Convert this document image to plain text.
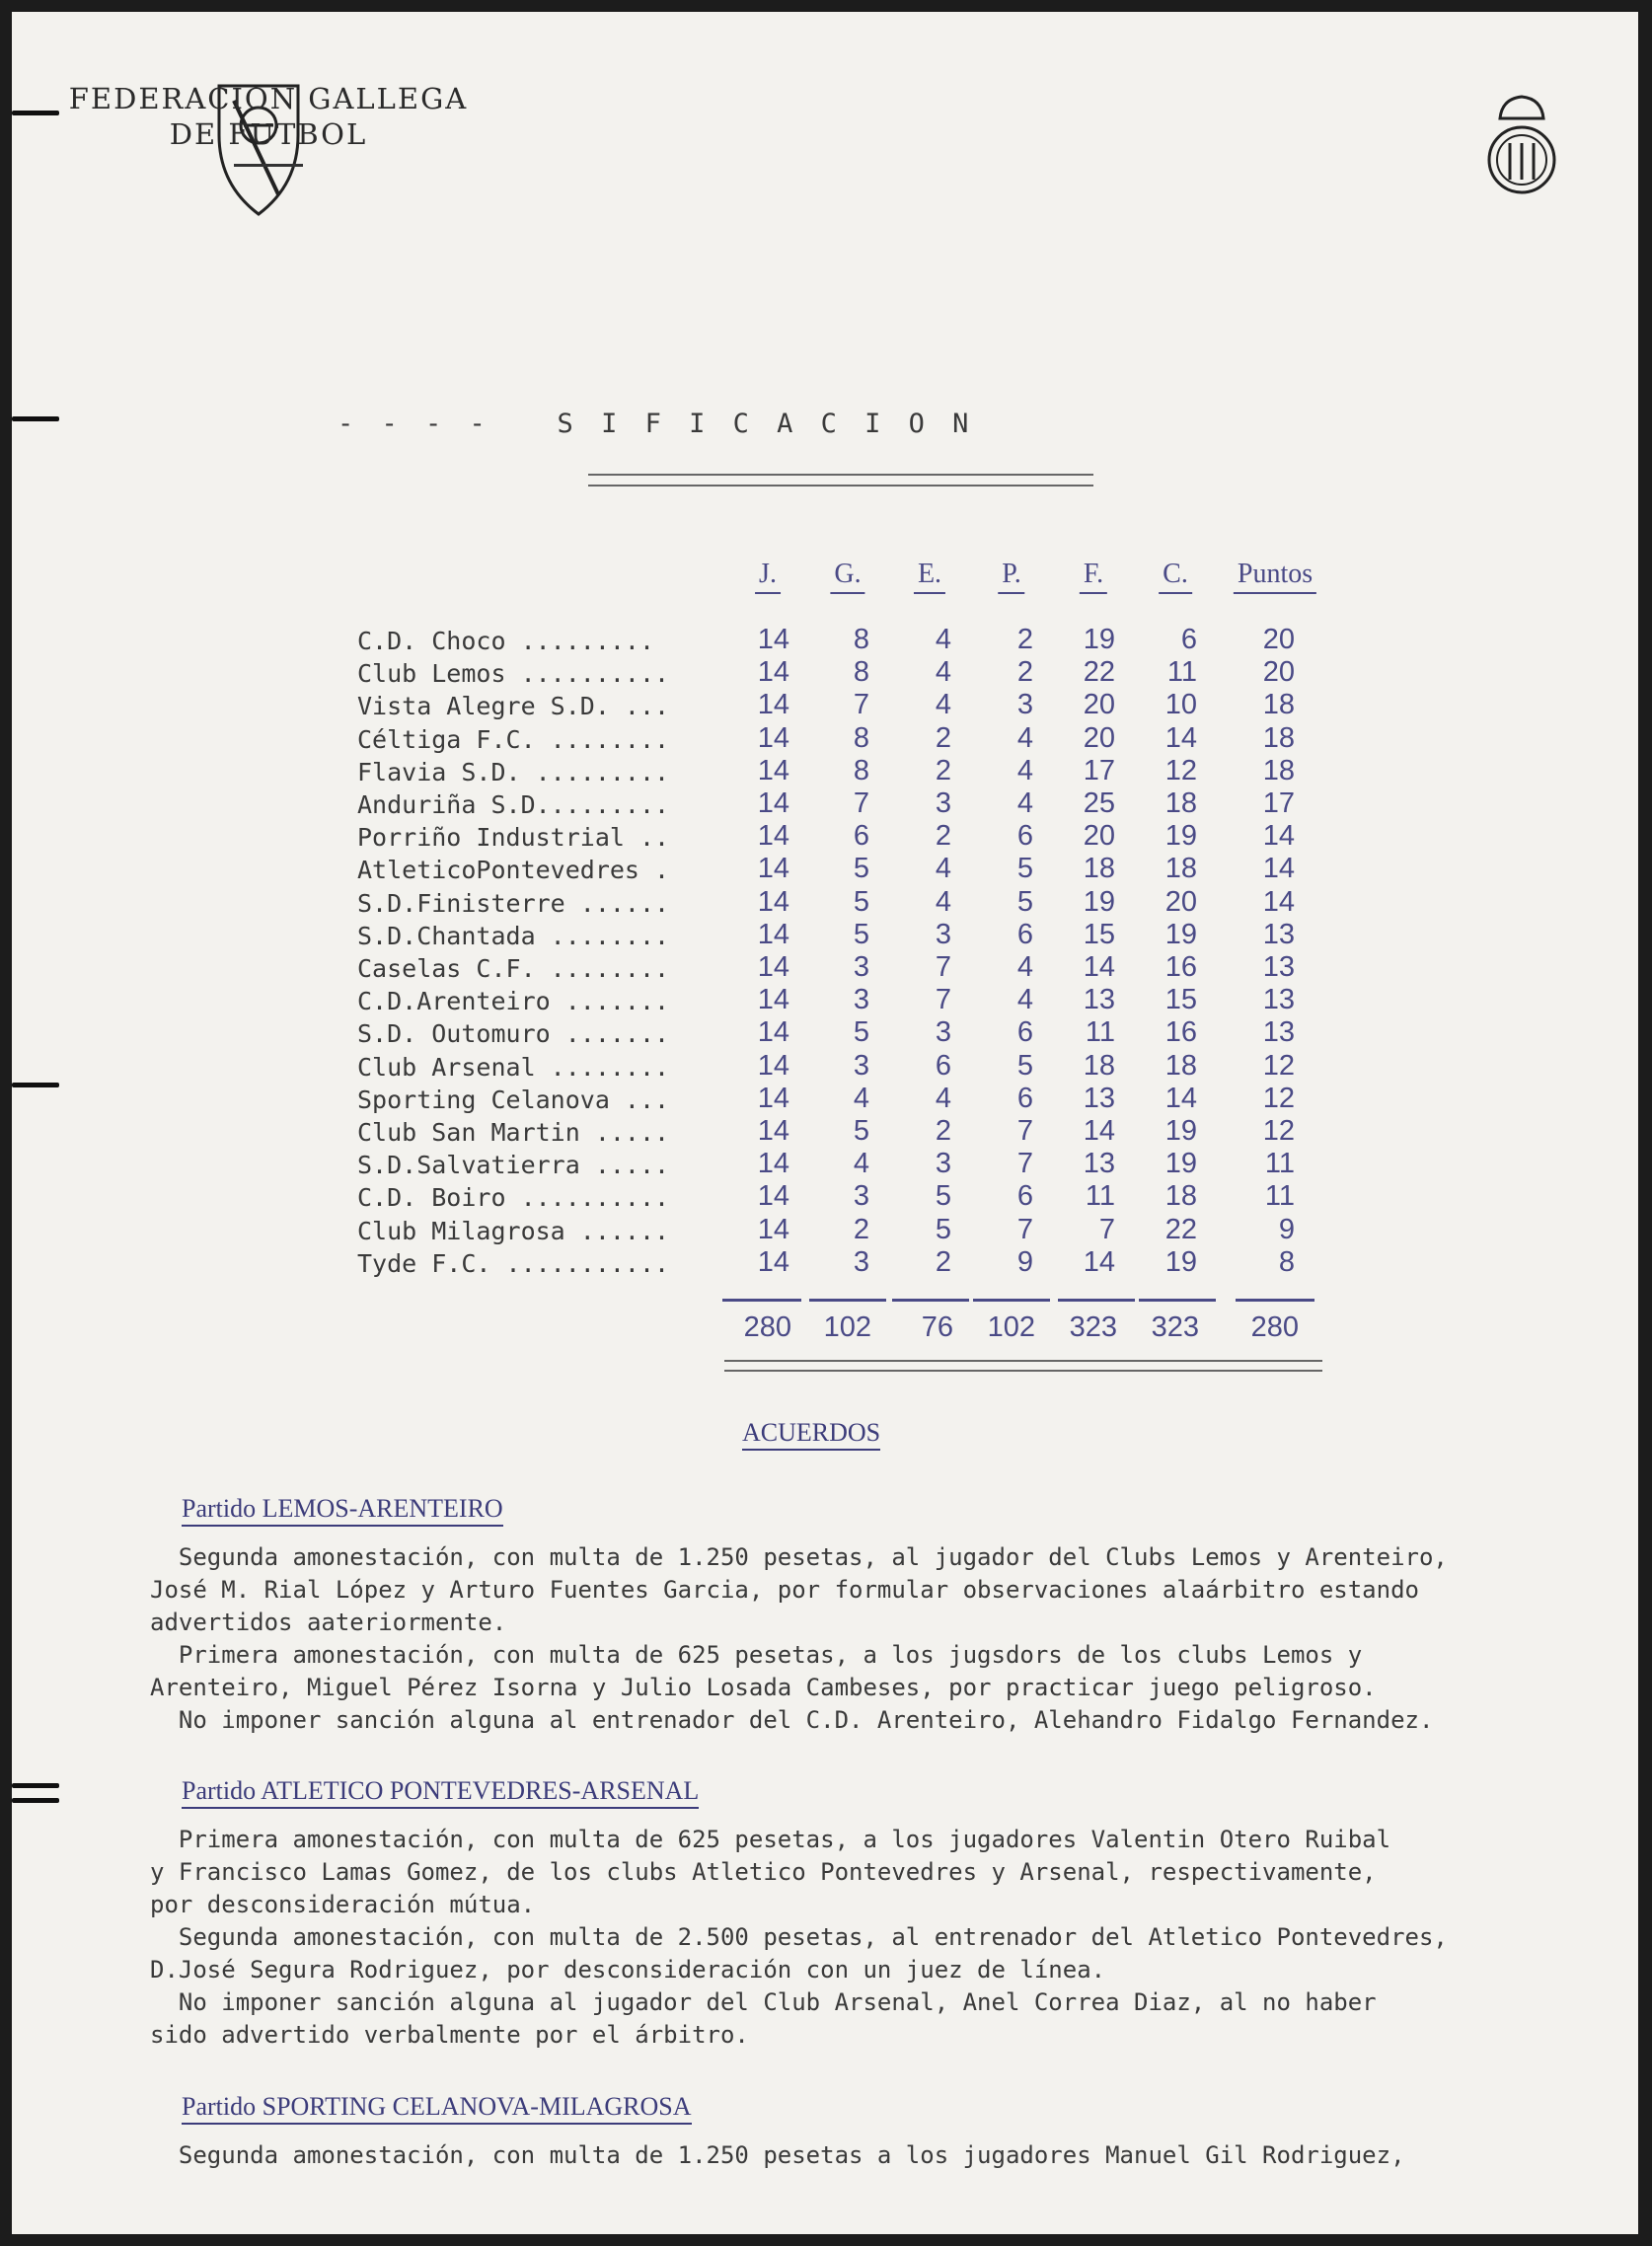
FEDERACION GALLEGA
DE FUTBOL
- - - -   S I F I C A C I O N
J. G. E. P. F. C. Puntos
C.D. Choco .........	14	8	4	2	19	6	20
Club Lemos ..........	14	8	4	2	22	11	20
Vista Alegre S.D. ...	14	7	4	3	20	10	18
Céltiga F.C. ........	14	8	2	4	20	14	18
Flavia S.D. .........	14	8	2	4	17	12	18
Anduriña S.D.........	14	7	3	4	25	18	17
Porriño Industrial ..	14	6	2	6	20	19	14
AtleticoPontevedres .	14	5	4	5	18	18	14
S.D.Finisterre ......	14	5	4	5	19	20	14
S.D.Chantada ........	14	5	3	6	15	19	13
Caselas C.F. ........	14	3	7	4	14	16	13
C.D.Arenteiro .......	14	3	7	4	13	15	13
S.D. Outomuro .......	14	5	3	6	11	16	13
Club Arsenal ........	14	3	6	5	18	18	12
Sporting Celanova ...	14	4	4	6	13	14	12
Club San Martin .....	14	5	2	7	14	19	12
S.D.Salvatierra .....	14	4	3	7	13	19	11
C.D. Boiro ..........	14	3	5	6	11	18	11
Club Milagrosa ......	14	2	5	7	7	22	9
Tyde F.C. ...........	14	3	2	9	14	19	8
280	102	76	102	323	323	280
ACUERDOS
Partido LEMOS-ARENTEIRO
Segunda amonestación, con multa de 1.250 pesetas, al jugador del Clubs Lemos y Arenteiro,
José M. Rial López y Arturo Fuentes Garcia, por formular observaciones alaárbitro estando
advertidos aateriormente.
Primera amonestación, con multa de 625 pesetas, a los jugsdors de los clubs Lemos y
Arenteiro, Miguel Pérez Isorna y Julio Losada Cambeses, por practicar juego peligroso.
No imponer sanción alguna al entrenador del C.D. Arenteiro, Alehandro Fidalgo Fernandez.
Partido ATLETICO PONTEVEDRES-ARSENAL
Primera amonestación, con multa de 625 pesetas, a los jugadores Valentin Otero Ruibal
y Francisco Lamas Gomez, de los clubs Atletico Pontevedres y Arsenal, respectivamente,
por desconsideración mútua.
Segunda amonestación, con multa de 2.500 pesetas, al entrenador del Atletico Pontevedres,
D.José Segura Rodriguez, por desconsideración con un juez de línea.
No imponer sanción alguna al jugador del Club Arsenal, Anel Correa Diaz, al no haber
sido advertido verbalmente por el árbitro.
Partido SPORTING CELANOVA-MILAGROSA
Segunda amonestación, con multa de 1.250 pesetas a los jugadores Manuel Gil Rodriguez,
